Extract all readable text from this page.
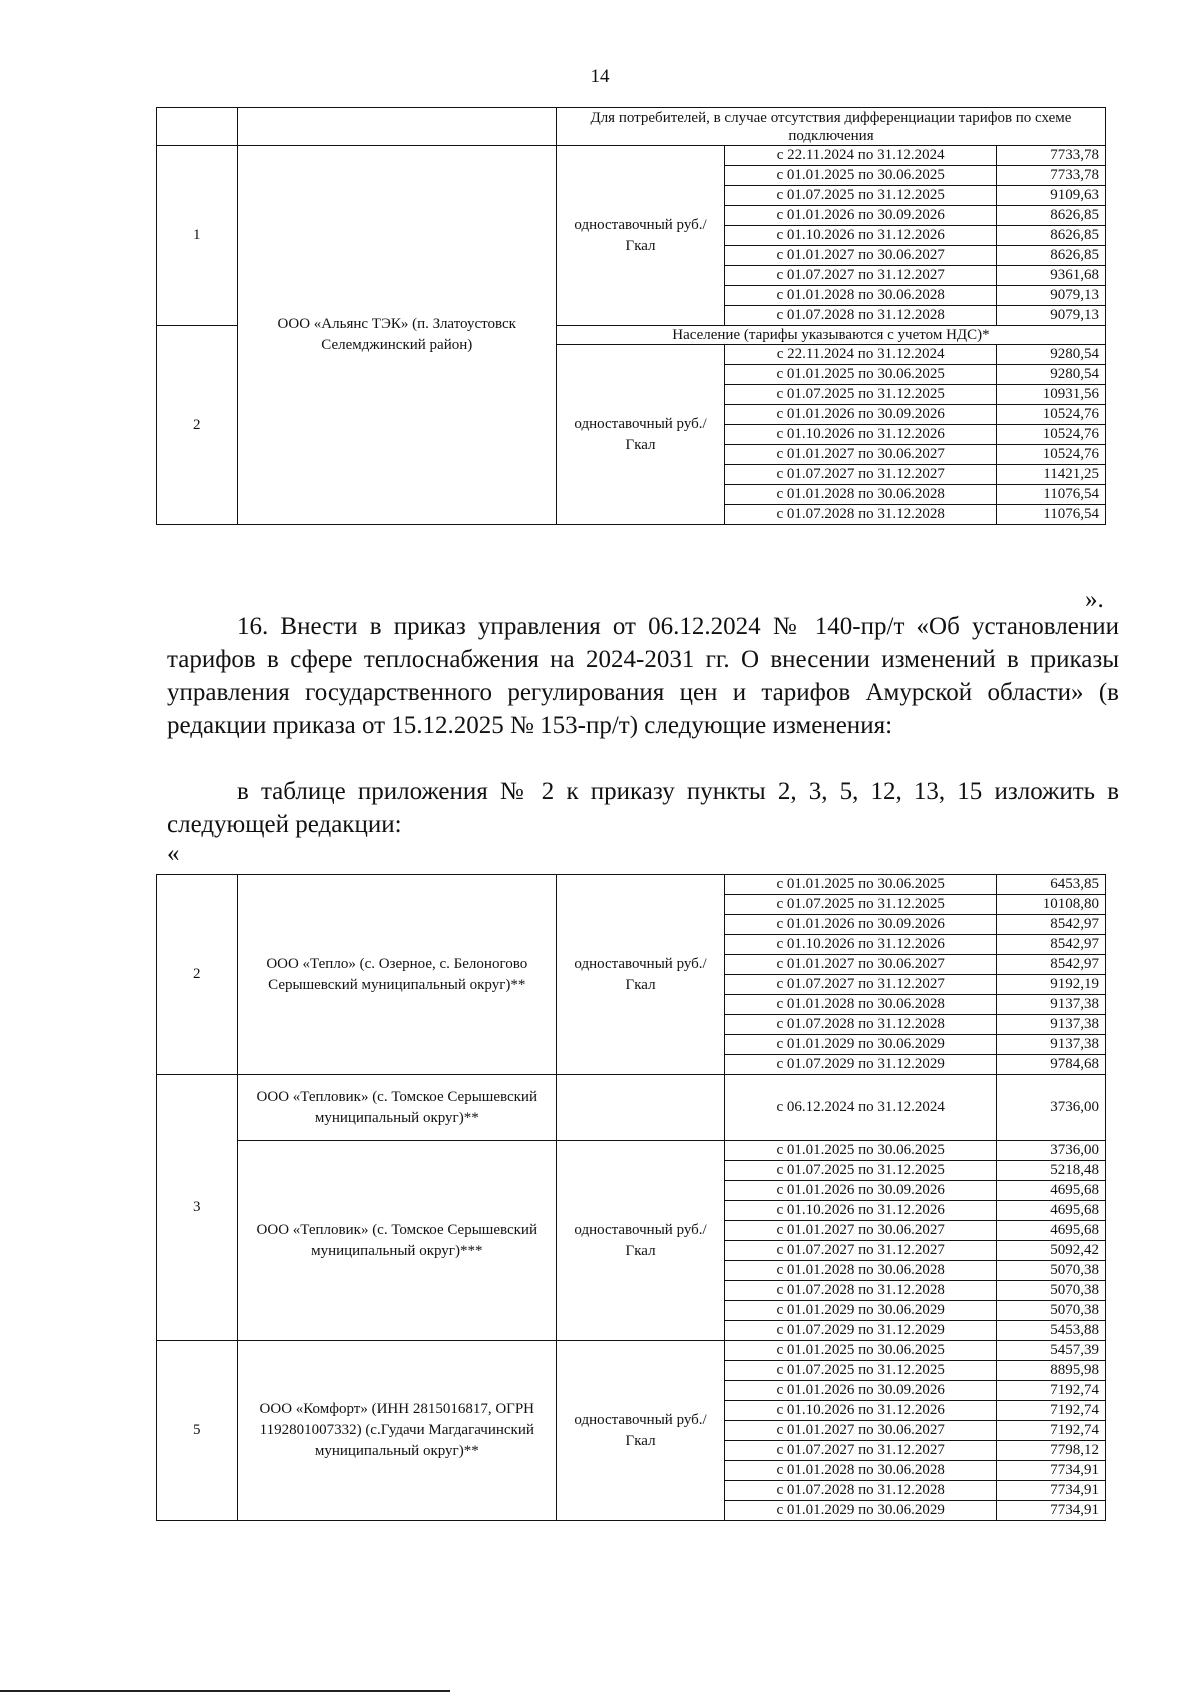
14
		Для потребителей, в случае отсутствия дифференциации тарифов по схеме подключения		
1	ООО «Альянс ТЭК» (п. Златоустовск Селемджинский район)	одноставочный руб./Гкал	с 22.11.2024 по 31.12.2024	7733,78
			с 01.01.2025 по 30.06.2025	7733,78
			с 01.07.2025 по 31.12.2025	9109,63
			с 01.01.2026 по 30.09.2026	8626,85
			с 01.10.2026 по 31.12.2026	8626,85
			с 01.01.2027 по 30.06.2027	8626,85
			с 01.07.2027 по 31.12.2027	9361,68
			с 01.01.2028 по 30.06.2028	9079,13
			с 01.07.2028 по 31.12.2028	9079,13
2		Население (тарифы указываются с учетом НДС)*		
		одноставочный руб./Гкал	с 22.11.2024 по 31.12.2024	9280,54
			с 01.01.2025 по 30.06.2025	9280,54
			с 01.07.2025 по 31.12.2025	10931,56
			с 01.01.2026 по 30.09.2026	10524,76
			с 01.10.2026 по 31.12.2026	10524,76
			с 01.01.2027 по 30.06.2027	10524,76
			с 01.07.2027 по 31.12.2027	11421,25
			с 01.01.2028 по 30.06.2028	11076,54
			с 01.07.2028 по 31.12.2028	11076,54
».
16. Внести в приказ управления от 06.12.2024 № 140-пр/т «Об установлении тарифов в сфере теплоснабжения на 2024-2031 гг. О внесении изменений в приказы управления государственного регулирования цен и тарифов Амурской области» (в редакции приказа от 15.12.2025 № 153-пр/т) следующие изменения:
в таблице приложения № 2 к приказу пункты 2, 3, 5, 12, 13, 15 изложить в следующей редакции:
«
2	ООО «Тепло» (с. Озерное, с. Белоногово Серышевский муниципальный округ)**	одноставочный руб./Гкал	с 01.01.2025 по 30.06.2025	6453,85
			с 01.07.2025 по 31.12.2025	10108,80
			с 01.01.2026 по 30.09.2026	8542,97
			с 01.10.2026 по 31.12.2026	8542,97
			с 01.01.2027 по 30.06.2027	8542,97
			с 01.07.2027 по 31.12.2027	9192,19
			с 01.01.2028 по 30.06.2028	9137,38
			с 01.07.2028 по 31.12.2028	9137,38
			с 01.01.2029 по 30.06.2029	9137,38
			с 01.07.2029 по 31.12.2029	9784,68
3	ООО «Тепловик» (с. Томское Серышевский муниципальный округ)**		с 06.12.2024 по 31.12.2024	3736,00
	ООО «Тепловик» (с. Томское Серышевский муниципальный округ)***	одноставочный руб./Гкал	с 01.01.2025 по 30.06.2025	3736,00
			с 01.07.2025 по 31.12.2025	5218,48
			с 01.01.2026 по 30.09.2026	4695,68
			с 01.10.2026 по 31.12.2026	4695,68
			с 01.01.2027 по 30.06.2027	4695,68
			с 01.07.2027 по 31.12.2027	5092,42
			с 01.01.2028 по 30.06.2028	5070,38
			с 01.07.2028 по 31.12.2028	5070,38
			с 01.01.2029 по 30.06.2029	5070,38
			с 01.07.2029 по 31.12.2029	5453,88
5	ООО «Комфорт» (ИНН 2815016817, ОГРН 1192801007332) (с.Гудачи Магдагачинский муниципальный округ)**	одноставочный руб./Гкал	с 01.01.2025 по 30.06.2025	5457,39
			с 01.07.2025 по 31.12.2025	8895,98
			с 01.01.2026 по 30.09.2026	7192,74
			с 01.10.2026 по 31.12.2026	7192,74
			с 01.01.2027 по 30.06.2027	7192,74
			с 01.07.2027 по 31.12.2027	7798,12
			с 01.01.2028 по 30.06.2028	7734,91
			с 01.07.2028 по 31.12.2028	7734,91
			с 01.01.2029 по 30.06.2029	7734,91
